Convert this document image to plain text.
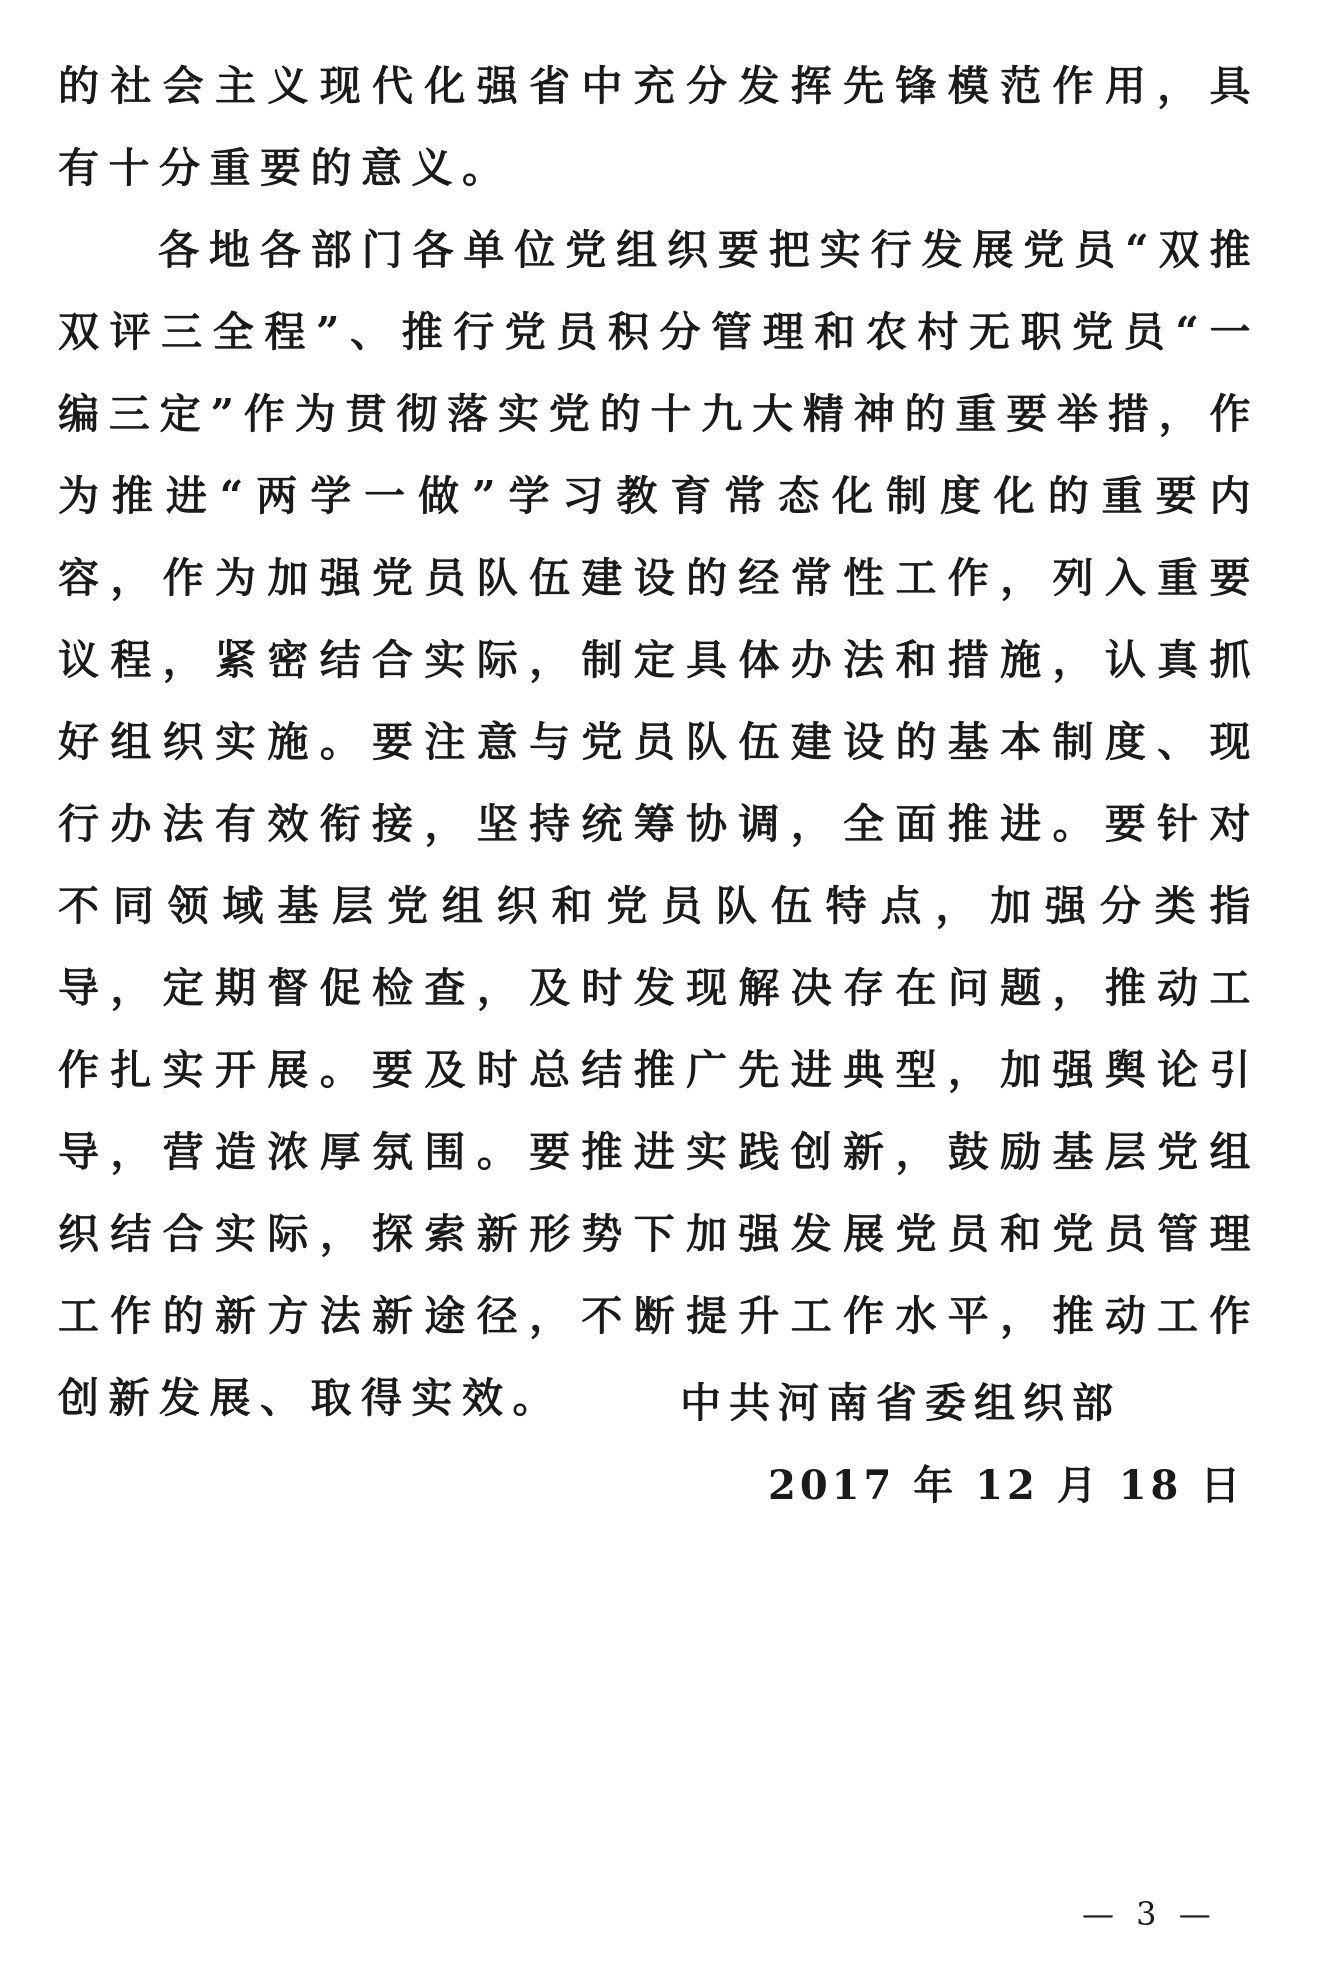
的社会主义现代化强省中充分发挥先锋模范作用，具有十分重要的意义。

各地各部门各单位党组织要把实行发展党员“双推双评三全程”、推行党员积分管理和农村无职党员“一编三定”作为贯彻落实党的十九大精神的重要举措，作为推进“两学一做”学习教育常态化制度化的重要内容，作为加强党员队伍建设的经常性工作，列入重要议程，紧密结合实际，制定具体办法和措施，认真抓好组织实施。要注意与党员队伍建设的基本制度、现行办法有效衔接，坚持统筹协调，全面推进。要针对不同领域基层党组织和党员队伍特点，加强分类指导，定期督促检查，及时发现解决存在问题，推动工作扎实开展。要及时总结推广先进典型，加强舆论引导，营造浓厚氛围。要推进实践创新，鼓励基层党组织结合实际，探索新形势下加强发展党员和党员管理工作的新方法新途径，不断提升工作水平，推动工作创新发展、取得实效。	中共河南省委组织部
2017 年 12 月 18 日
— 3 —
